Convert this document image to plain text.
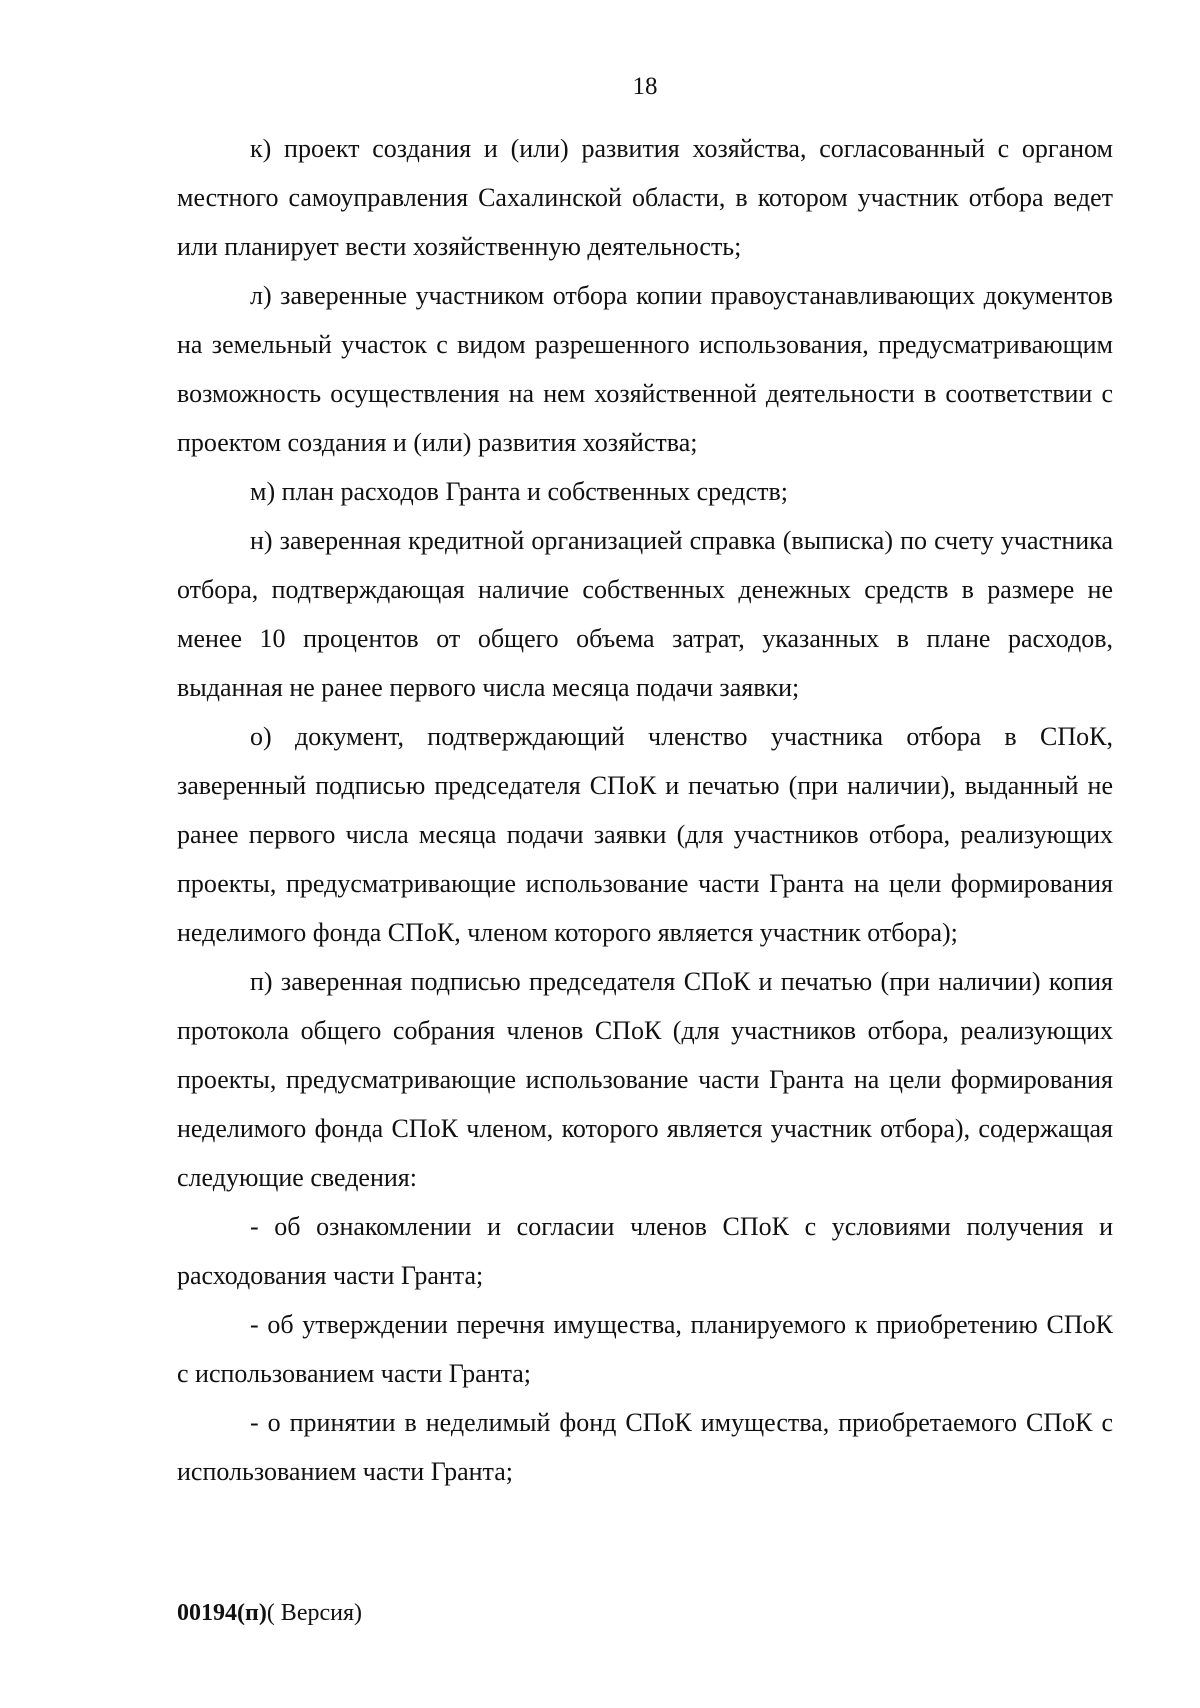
18

к) проект создания и (или) развития хозяйства, согласованный с органом местного самоуправления Сахалинской области, в котором участник отбора ведет или планирует вести хозяйственную деятельность;

л) заверенные участником отбора копии правоустанавливающих документов на земельный участок с видом разрешенного использования, предусматривающим возможность осуществления на нем хозяйственной деятельности в соответствии с проектом создания и (или) развития хозяйства;

м) план расходов Гранта и собственных средств;

н) заверенная кредитной организацией справка (выписка) по счету участника отбора, подтверждающая наличие собственных денежных средств в размере не менее 10 процентов от общего объема затрат, указанных в плане расходов, выданная не ранее первого числа месяца подачи заявки;

о) документ, подтверждающий членство участника отбора в СПоК, заверенный подписью председателя СПоК и печатью (при наличии), выданный не ранее первого числа месяца подачи заявки (для участников отбора, реализующих проекты, предусматривающие использование части Гранта на цели формирования неделимого фонда СПоК, членом которого является участник отбора);

п) заверенная подписью председателя СПоК и печатью (при наличии) копия протокола общего собрания членов СПоК (для участников отбора, реализующих проекты, предусматривающие использование части Гранта на цели формирования неделимого фонда СПоК членом, которого является участник отбора), содержащая следующие сведения:

- об ознакомлении и согласии членов СПоК с условиями получения и расходования части Гранта;

- об утверждении перечня имущества, планируемого к приобретению СПоК с использованием части Гранта;

- о принятии в неделимый фонд СПоК имущества, приобретаемого СПоК с использованием части Гранта;

00194(п)( Версия)
